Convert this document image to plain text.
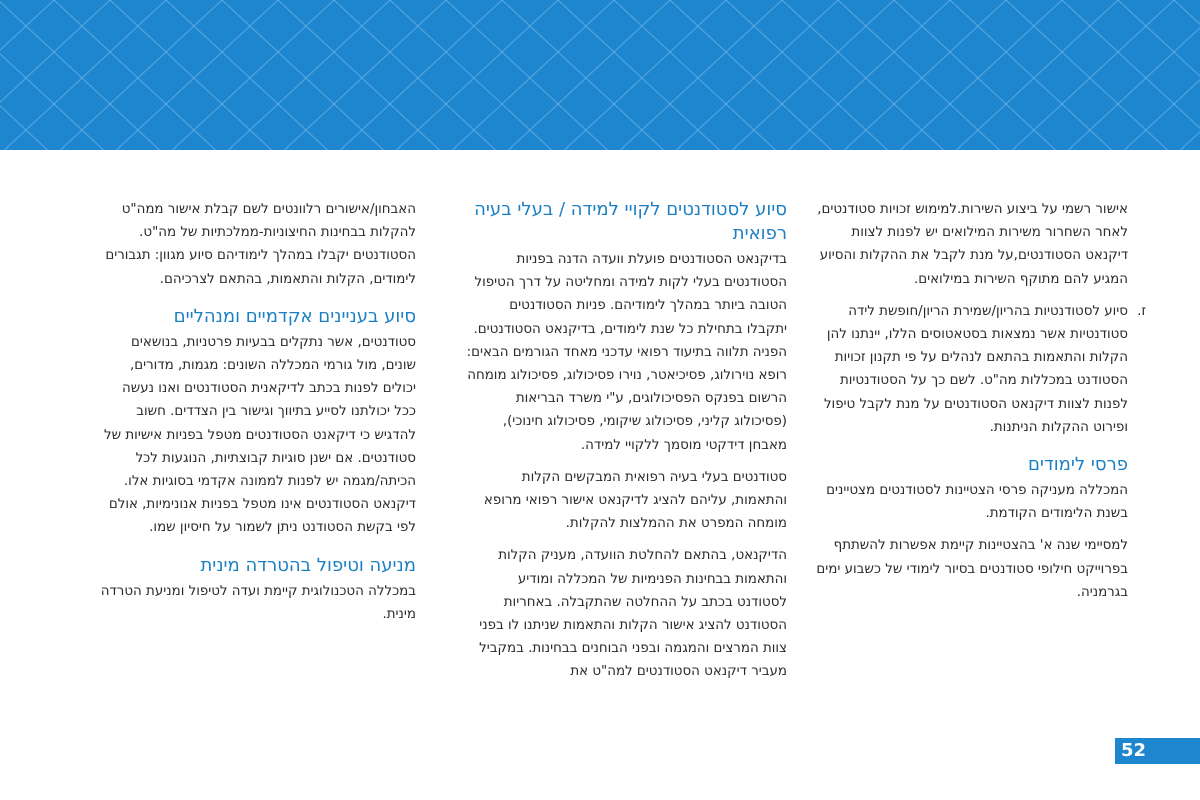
אישור רשמי על ביצוע השירות.למימוש זכויות סטודנטים, לאחר השחרור משירות המילואים יש לפנות לצוות דיקנאט הסטודנטים,על מנת לקבל את ההקלות והסיוע המגיע להם מתוקף השירות במילואים.

ז.
סיוע לסטודנטיות בהריון/שמירת הריון/חופשת לידה סטודנטיות אשר נמצאות בסטאטוסים הללו, יינתנו להן הקלות והתאמות בהתאם לנהלים על פי תקנון זכויות הסטודנט במכללות מה"ט. לשם כך על הסטודנטיות לפנות לצוות דיקנאט הסטודנטים על מנת לקבל טיפול ופירוט ההקלות הניתנות.
פרסי לימודים

המכללה מעניקה פרסי הצטיינות לסטודנטים מצטיינים בשנת הלימודים הקודמת.

למסיימי שנה א' בהצטיינות קיימת אפשרות להשתתף בפרוייקט חילופי סטודנטים בסיור לימודי של כשבוע ימים בגרמניה.

סיוע לסטודנטים לקויי למידה / בעלי בעיה רפואית

בדיקנאט הסטודנטים פועלת וועדה הדנה בפניות הסטודנטים בעלי לקות למידה ומחליטה על דרך הטיפול הטובה ביותר במהלך לימודיהם. פניות הסטודנטים יתקבלו בתחילת כל שנת לימודים, בדיקנאט הסטודנטים. הפניה תלווה בתיעוד רפואי עדכני מאחד הגורמים הבאים: רופא נוירולוג, פסיכיאטר, נוירו פסיכולוג, פסיכולוג מומחה הרשום בפנקס הפסיכולוגים, ע"י משרד הבריאות (פסיכולוג קליני, פסיכולוג שיקומי, פסיכולוג חינוכי), מאבחן דידקטי מוסמך ללקויי למידה.

סטודנטים בעלי בעיה רפואית המבקשים הקלות והתאמות, עליהם להציג לדיקנאט אישור רפואי מרופא מומחה המפרט את ההמלצות להקלות.

הדיקנאט, בהתאם להחלטת הוועדה, מעניק הקלות והתאמות בבחינות הפנימיות של המכללה ומודיע לסטודנט בכתב על ההחלטה שהתקבלה. באחריות הסטודנט להציג אישור הקלות והתאמות שניתנו לו בפני צוות המרצים והמגמה ובפני הבוחנים בבחינות. במקביל מעביר דיקנאט הסטודנטים למה"ט את

האבחון/אישורים רלוונטים לשם קבלת אישור ממה"ט להקלות בבחינות החיצוניות-ממלכתיות של מה"ט. הסטודנטים יקבלו במהלך לימודיהם סיוע מגוון: תגבורים לימודים, הקלות והתאמות, בהתאם לצרכיהם.

סיוע בעניינים אקדמיים ומנהליים

סטודנטים, אשר נתקלים בבעיות פרטניות, בנושאים שונים, מול גורמי המכללה השונים: מגמות, מדורים, יכולים לפנות בכתב לדיקאנית הסטודנטים ואנו נעשה ככל יכולתנו לסייע בתיווך וגישור בין הצדדים. חשוב להדגיש כי דיקאנט הסטודנטים מטפל בפניות אישיות של סטודנטים. אם ישנן סוגיות קבוצתיות, הנוגעות לכל הכיתה/מגמה יש לפנות לממונה אקדמי בסוגיות אלו. דיקנאט הסטודנטים אינו מטפל בפניות אנונימיות, אולם לפי בקשת הסטודנט ניתן לשמור על חיסיון שמו.

מניעה וטיפול בהטרדה מינית

במכללה הטכנולוגית קיימת ועדה לטיפול ומניעת הטרדה מינית.

52
